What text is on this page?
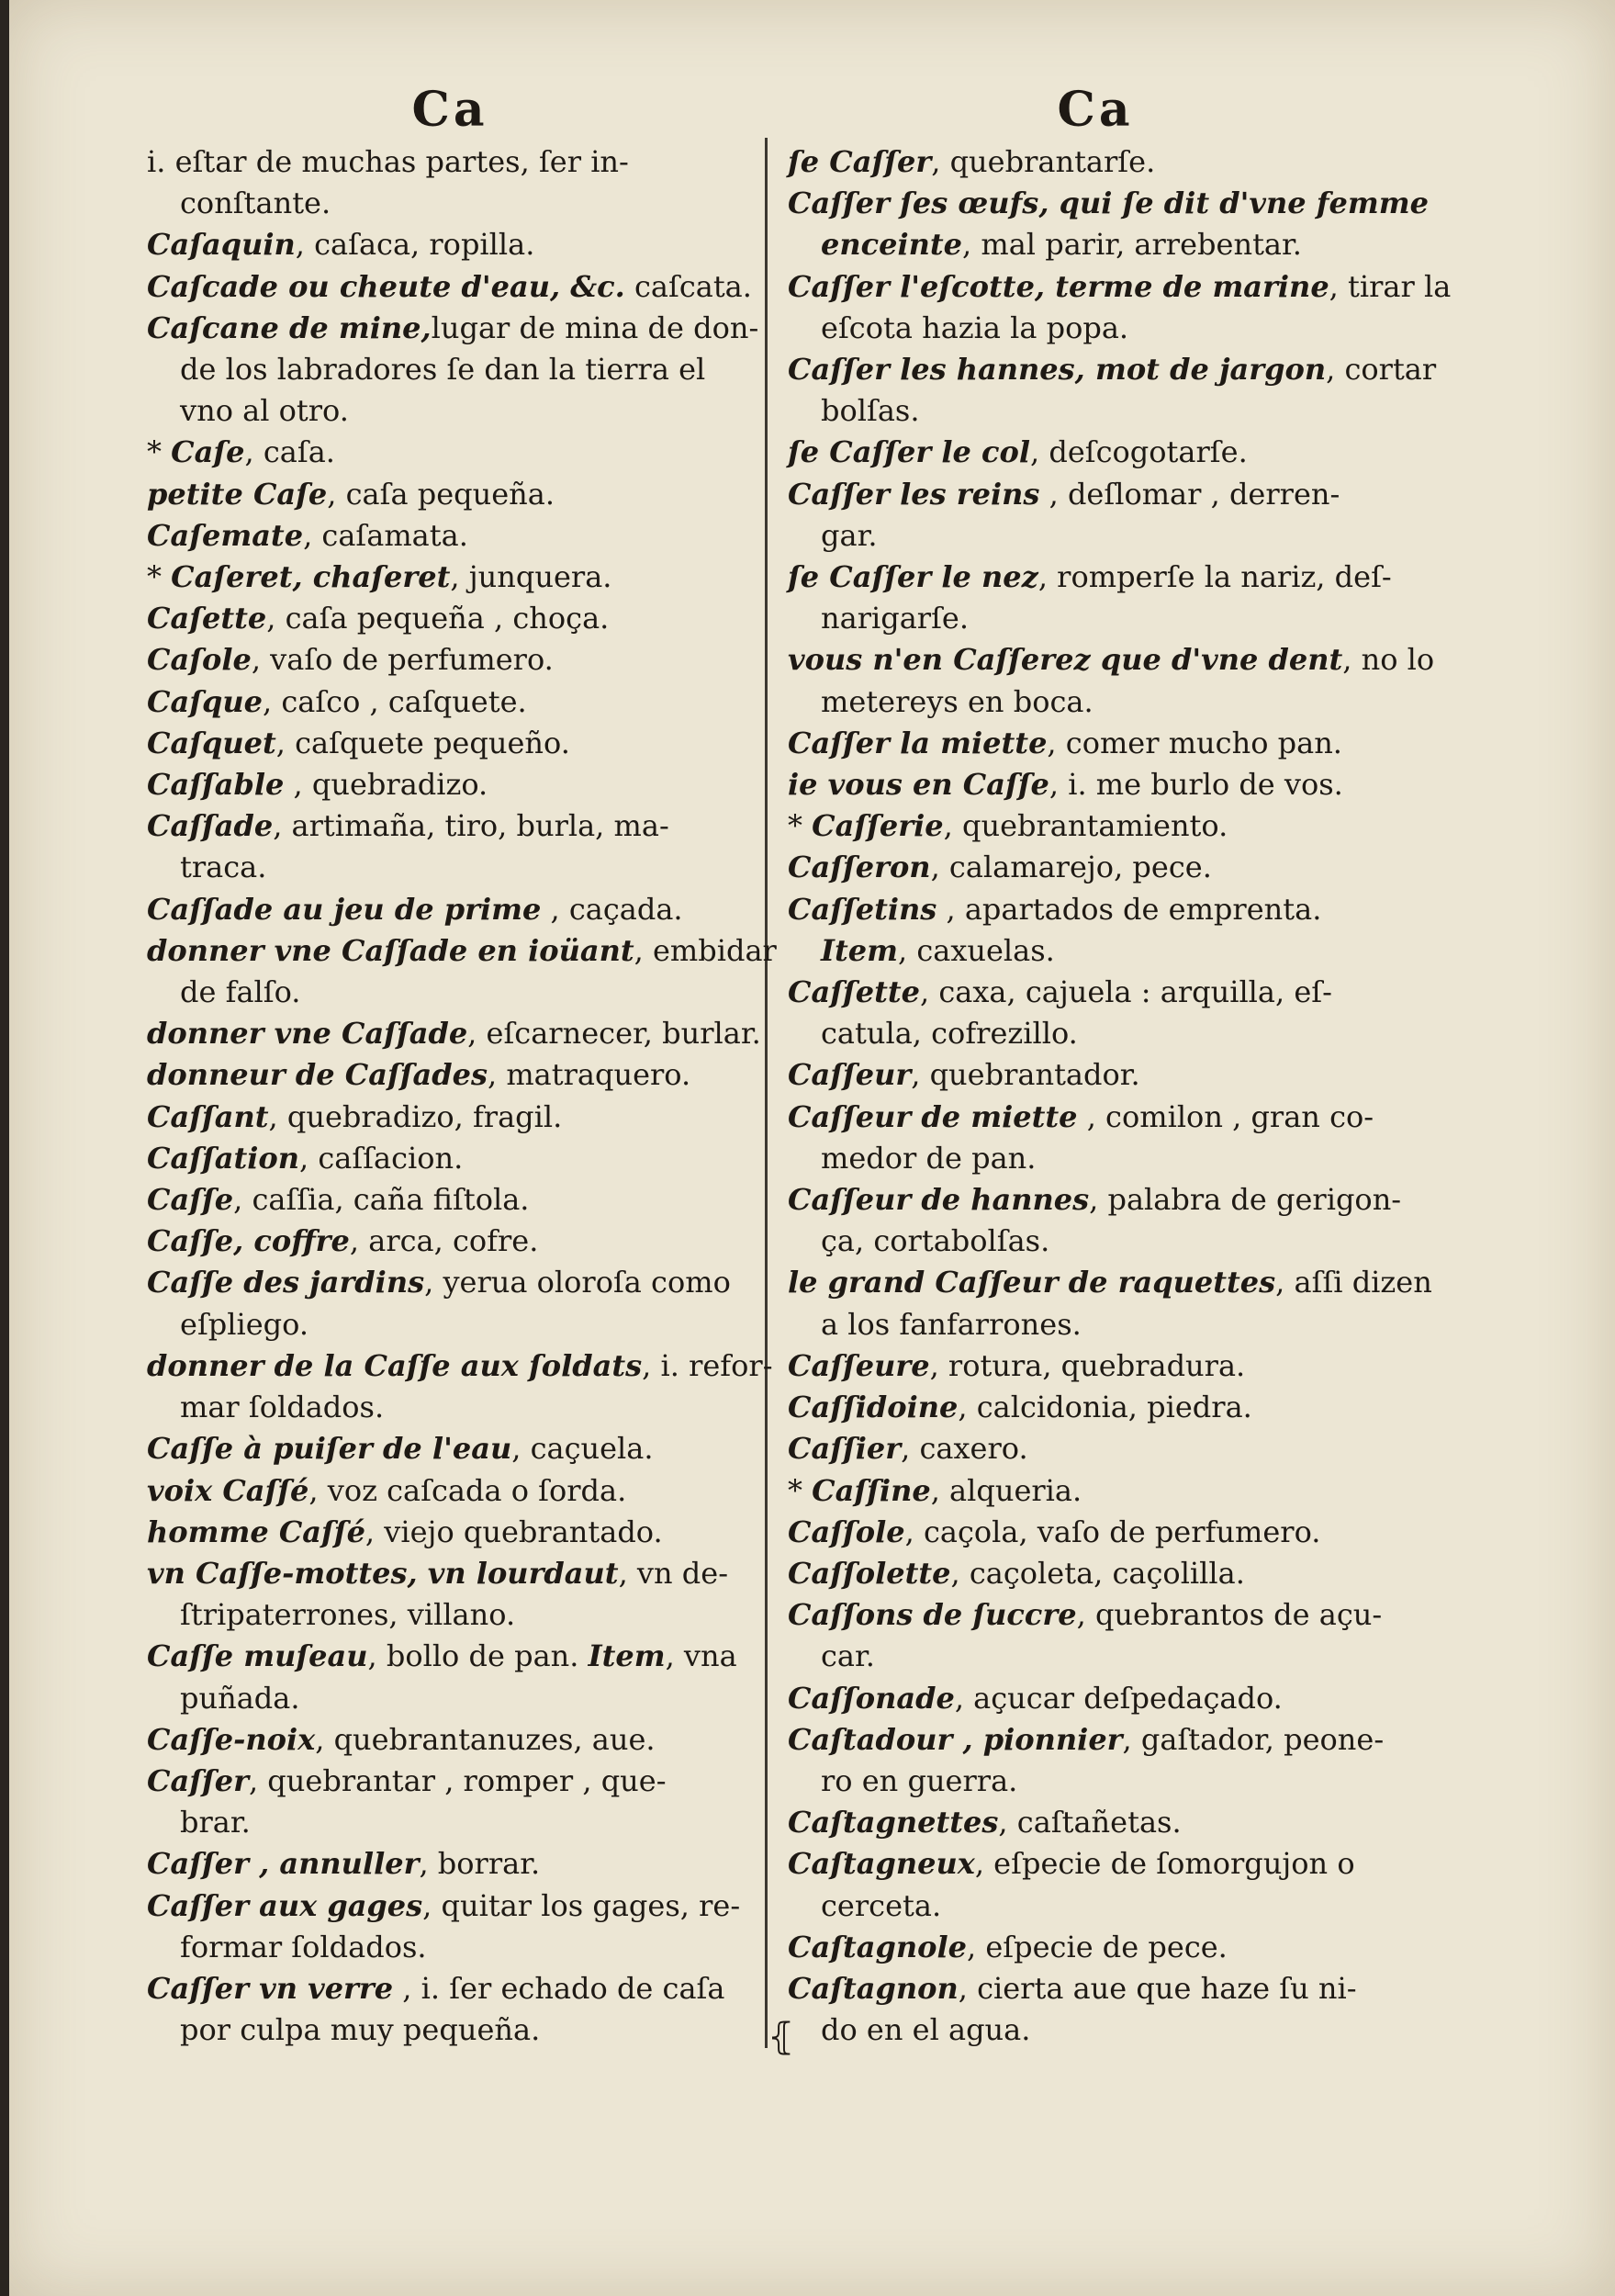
Ca
i. eſtar de muchas partes, ſer in-
conſtante.
Caſaquin, caſaca, ropilla.
Caſcade ou cheute d'eau, &c. caſcata.
Caſcane de mine,lugar de mina de don-
de los labradores ſe dan la tierra el
vno al otro.
* Caſe, caſa.
petite Caſe, caſa pequeña.
Caſemate, caſamata.
* Caſeret, chaſeret, junquera.
Caſette, caſa pequeña , choça.
Caſole, vaſo de perfumero.
Caſque, caſco , caſquete.
Caſquet, caſquete pequeño.
Caſſable , quebradizo.
Caſſade, artimaña, tiro, burla, ma-
traca.
Caſſade au jeu de prime , caçada.
donner vne Caſſade en ioüant, embidar
de falſo.
donner vne Caſſade, eſcarnecer, burlar.
donneur de Caſſades, matraquero.
Caſſant, quebradizo, fragil.
Caſſation, caſſacion.
Caſſe, caſſia, caña fiſtola.
Caſſe, coffre, arca, cofre.
Caſſe des jardins, yerua oloroſa como
eſpliego.
donner de la Caſſe aux ſoldats, i. refor-
mar ſoldados.
Caſſe à puiſer de l'eau, caçuela.
voix Caſſé, voz caſcada o ſorda.
homme Caſſé, viejo quebrantado.
vn Caſſe-mottes, vn lourdaut, vn de-
ſtripaterrones, villano.
Caſſe muſeau, bollo de pan. Item, vna
puñada.
Caſſe-noix, quebrantanuzes, aue.
Caſſer, quebrantar , romper , que-
brar.
Caſſer , annuller, borrar.
Caſſer aux gages, quitar los gages, re-
formar ſoldados.
Caſſer vn verre , i. ſer echado de caſa
por culpa muy pequeña.
Ca
ſe Caſſer, quebrantarſe.
Caſſer ſes œufs, qui ſe dit d'vne femme
enceinte, mal parir, arrebentar.
Caſſer l'eſcotte, terme de marine, tirar la
eſcota hazia la popa.
Caſſer les hannes, mot de jargon, cortar
bolſas.
ſe Caſſer le col, deſcogotarſe.
Caſſer les reins , deſlomar , derren-
gar.
ſe Caſſer le nez, romperſe la nariz, deſ-
narigarſe.
vous n'en Caſſerez que d'vne dent, no lo
metereys en boca.
Caſſer la miette, comer mucho pan.
ie vous en Caſſe, i. me burlo de vos.
* Caſſerie, quebrantamiento.
Caſſeron, calamarejo, pece.
Caſſetins , apartados de emprenta.
Item, caxuelas.
Caſſette, caxa, cajuela : arquilla, eſ-
catula, cofrezillo.
Caſſeur, quebrantador.
Caſſeur de miette , comilon , gran co-
medor de pan.
Caſſeur de hannes, palabra de gerigon-
ça, cortabolſas.
le grand Caſſeur de raquettes, aſſi dizen
a los fanfarrones.
Caſſeure, rotura, quebradura.
Caſſidoine, calcidonia, piedra.
Caſſier, caxero.
* Caſſine, alqueria.
Caſſole, caçola, vaſo de perfumero.
Caſſolette, caçoleta, caçolilla.
Caſſons de ſuccre, quebrantos de açu-
car.
Caſſonade, açucar deſpedaçado.
Caſtadour , pionnier, gaſtador, peone-
ro en guerra.
Caſtagnettes, caſtañetas.
Caſtagneux, eſpecie de ſomorgujon o
cerceta.
Caſtagnole, eſpecie de pece.
Caſtagnon, cierta aue que haze ſu ni-
do en el agua.
⦃
